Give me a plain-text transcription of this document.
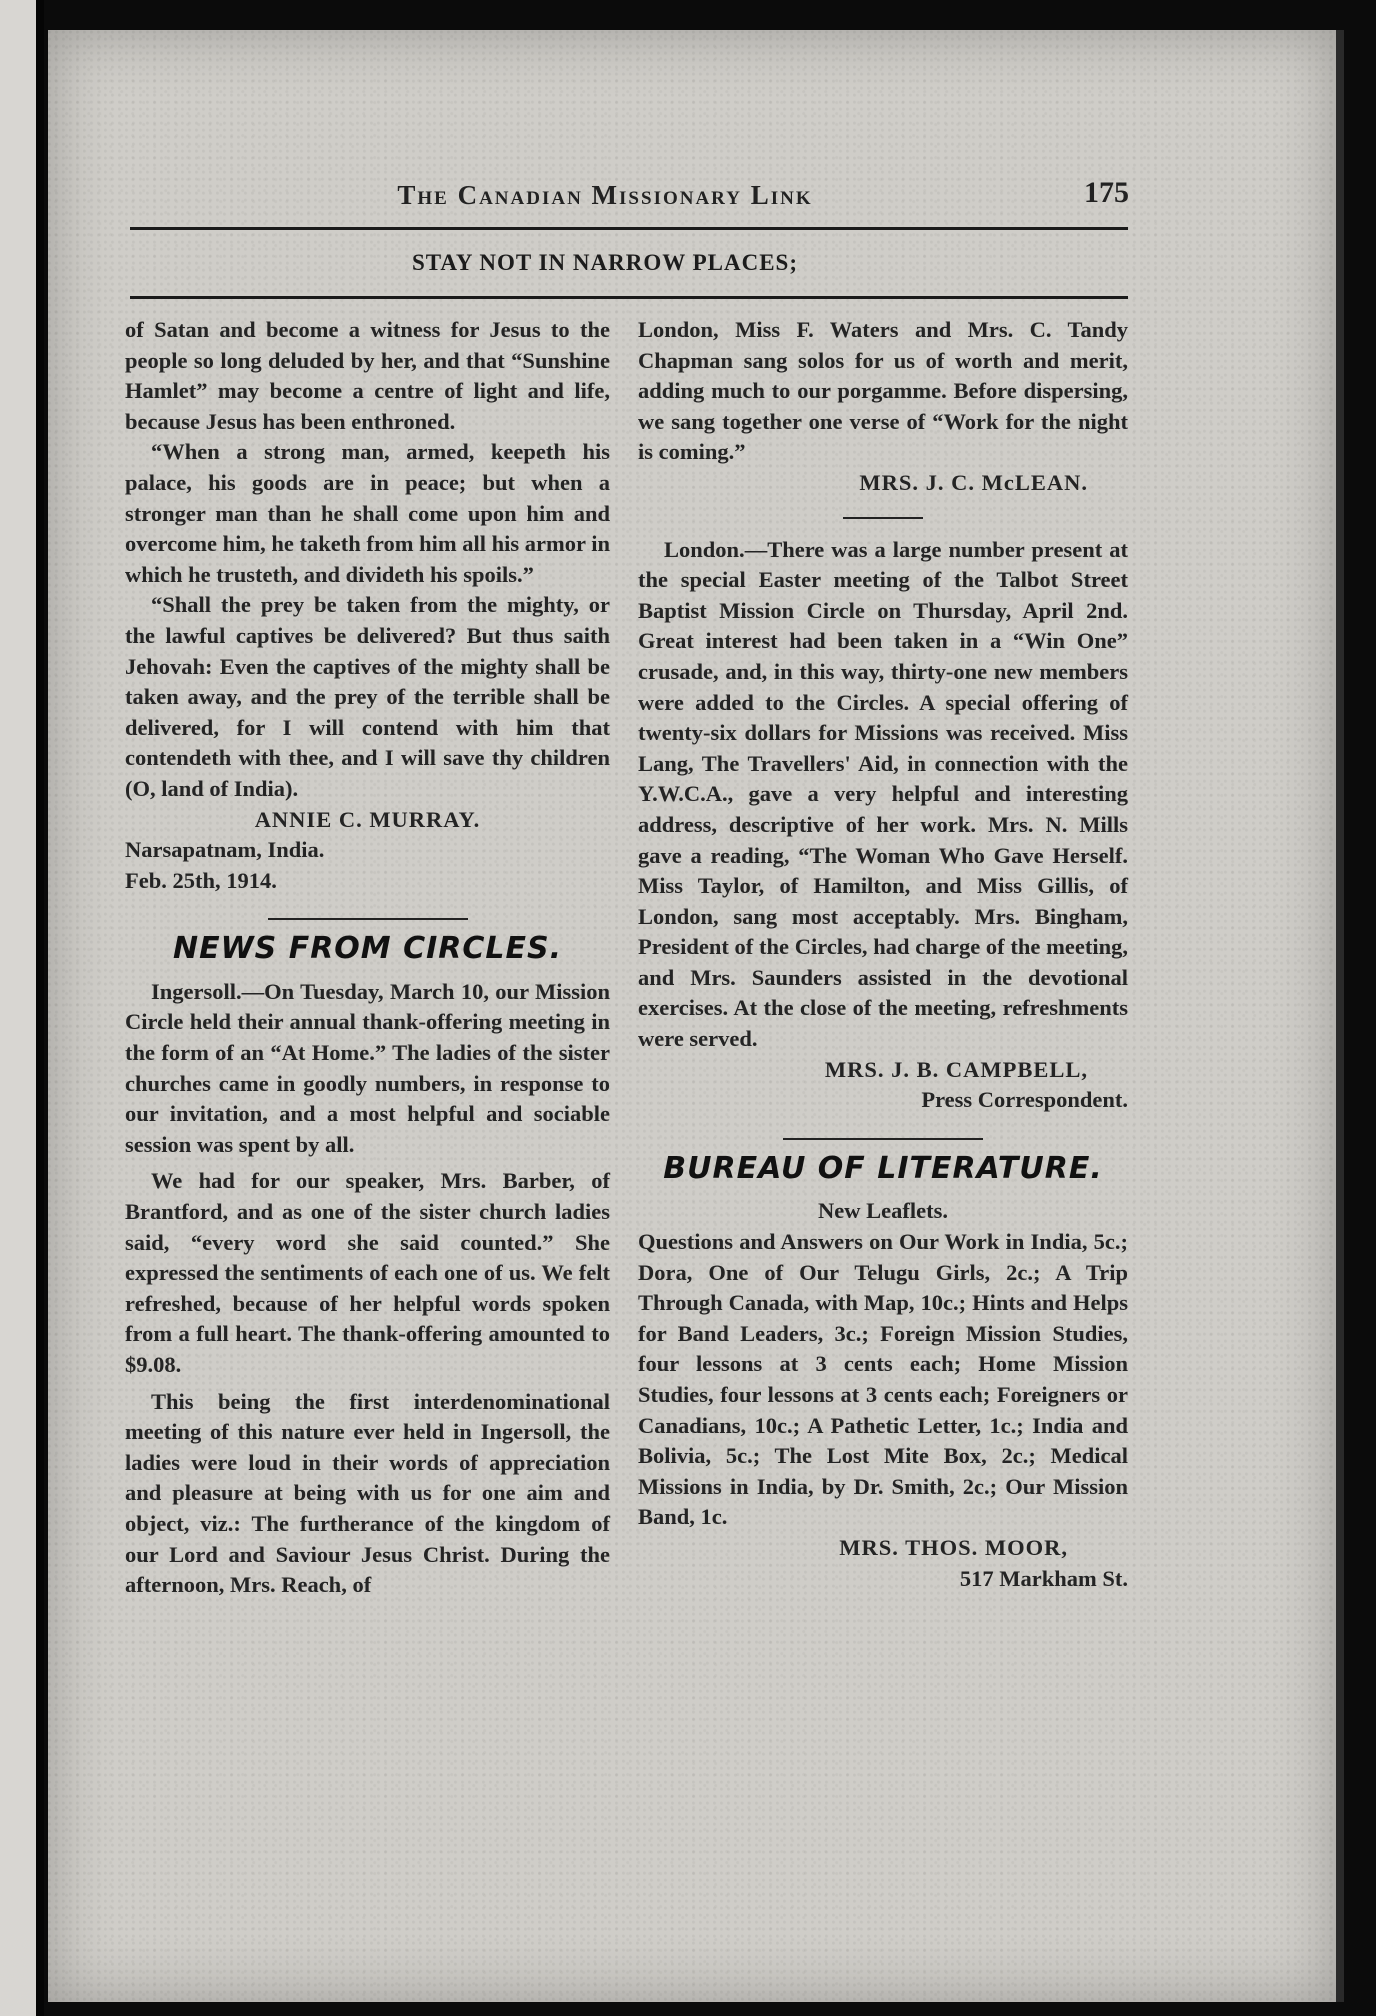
The Canadian Missionary Link	175
STAY NOT IN NARROW PLACES;

of Satan and become a witness for Jesus to the people so long deluded by her, and that “Sunshine Hamlet” may become a centre of light and life, because Jesus has been enthroned.

“When a strong man, armed, keepeth his palace, his goods are in peace; but when a stronger man than he shall come upon him and overcome him, he taketh from him all his armor in which he trusteth, and divideth his spoils.”

“Shall the prey be taken from the mighty, or the lawful captives be delivered? But thus saith Jehovah: Even the captives of the mighty shall be taken away, and the prey of the terrible shall be delivered, for I will contend with him that contendeth with thee, and I will save thy children (O, land of India).

ANNIE C. MURRAY.

Narsapatnam, India.

Feb. 25th, 1914.

NEWS FROM CIRCLES.

Ingersoll.—On Tuesday, March 10, our Mission Circle held their annual thank-offering meeting in the form of an “At Home.” The ladies of the sister churches came in goodly numbers, in response to our invitation, and a most helpful and sociable session was spent by all.

We had for our speaker, Mrs. Barber, of Brantford, and as one of the sister church ladies said, “every word she said counted.” She expressed the sentiments of each one of us. We felt refreshed, because of her helpful words spoken from a full heart. The thank-offering amounted to $9.08.

This being the first interdenominational meeting of this nature ever held in Ingersoll, the ladies were loud in their words of appreciation and pleasure at being with us for one aim and object, viz.: The furtherance of the kingdom of our Lord and Saviour Jesus Christ. During the afternoon, Mrs. Reach, of

London, Miss F. Waters and Mrs. C. Tandy Chapman sang solos for us of worth and merit, adding much to our porgamme. Before dispersing, we sang together one verse of “Work for the night is coming.”

MRS. J. C. McLEAN.

London.—There was a large number present at the special Easter meeting of the Talbot Street Baptist Mission Circle on Thursday, April 2nd. Great interest had been taken in a “Win One” crusade, and, in this way, thirty-one new members were added to the Circles. A special offering of twenty-six dollars for Missions was received. Miss Lang, The Travellers' Aid, in connection with the Y.W.C.A., gave a very helpful and interesting address, descriptive of her work. Mrs. N. Mills gave a reading, “The Woman Who Gave Herself. Miss Taylor, of Hamilton, and Miss Gillis, of London, sang most acceptably. Mrs. Bingham, President of the Circles, had charge of the meeting, and Mrs. Saunders assisted in the devotional exercises. At the close of the meeting, refreshments were served.

MRS. J. B. CAMPBELL,

Press Correspondent.

BUREAU OF LITERATURE.

New Leaflets.

Questions and Answers on Our Work in India, 5c.; Dora, One of Our Telugu Girls, 2c.; A Trip Through Canada, with Map, 10c.; Hints and Helps for Band Leaders, 3c.; Foreign Mission Studies, four lessons at 3 cents each; Home Mission Studies, four lessons at 3 cents each; Foreigners or Canadians, 10c.; A Pathetic Letter, 1c.; India and Bolivia, 5c.; The Lost Mite Box, 2c.; Medical Missions in India, by Dr. Smith, 2c.; Our Mission Band, 1c.

MRS. THOS. MOOR,

517 Markham St.
